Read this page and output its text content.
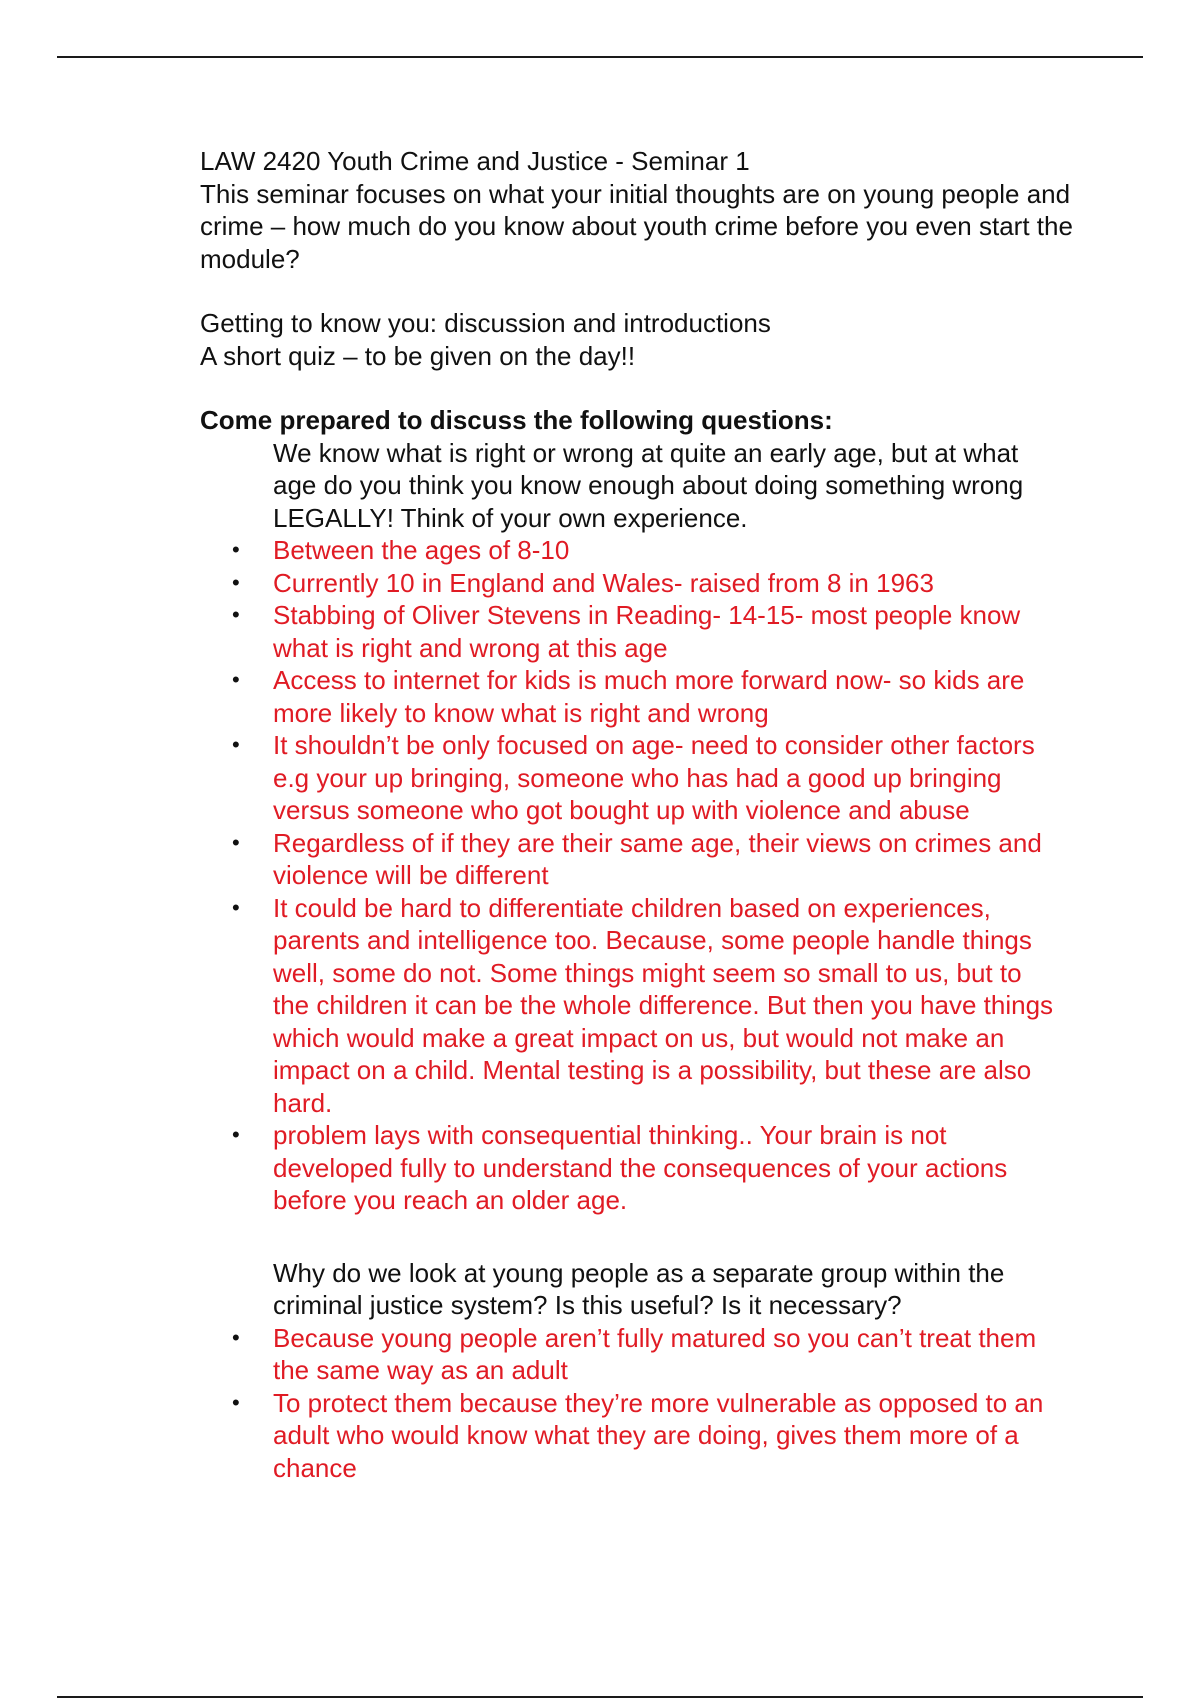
LAW 2420 Youth Crime and Justice - Seminar 1

This seminar focuses on what your initial thoughts are on young people and crime – how much do you know about youth crime before you even start the module?

Getting to know you: discussion and introductions

A short quiz – to be given on the day!!

Come prepared to discuss the following questions:

We know what is right or wrong at quite an early age, but at what age do you think you know enough about doing something wrong LEGALLY! Think of your own experience.

• Between the ages of 8-10
• Currently 10 in England and Wales- raised from 8 in 1963
• Stabbing of Oliver Stevens in Reading- 14-15- most people know what is right and wrong at this age
• Access to internet for kids is much more forward now- so kids are more likely to know what is right and wrong
• It shouldn’t be only focused on age- need to consider other factors e.g your up bringing, someone who has had a good up bringing versus someone who got bought up with violence and abuse
• Regardless of if they are their same age, their views on crimes and violence will be different
• It could be hard to differentiate children based on experiences, parents and intelligence too. Because, some people handle things well, some do not. Some things might seem so small to us, but to the children it can be the whole difference. But then you have things which would make a great impact on us, but would not make an impact on a child. Mental testing is a possibility, but these are also hard.
• problem lays with consequential thinking.. Your brain is not developed fully to understand the consequences of your actions before you reach an older age.

Why do we look at young people as a separate group within the criminal justice system? Is this useful? Is it necessary?

• Because young people aren’t fully matured so you can’t treat them the same way as an adult
• To protect them because they’re more vulnerable as opposed to an adult who would know what they are doing, gives them more of a chance
